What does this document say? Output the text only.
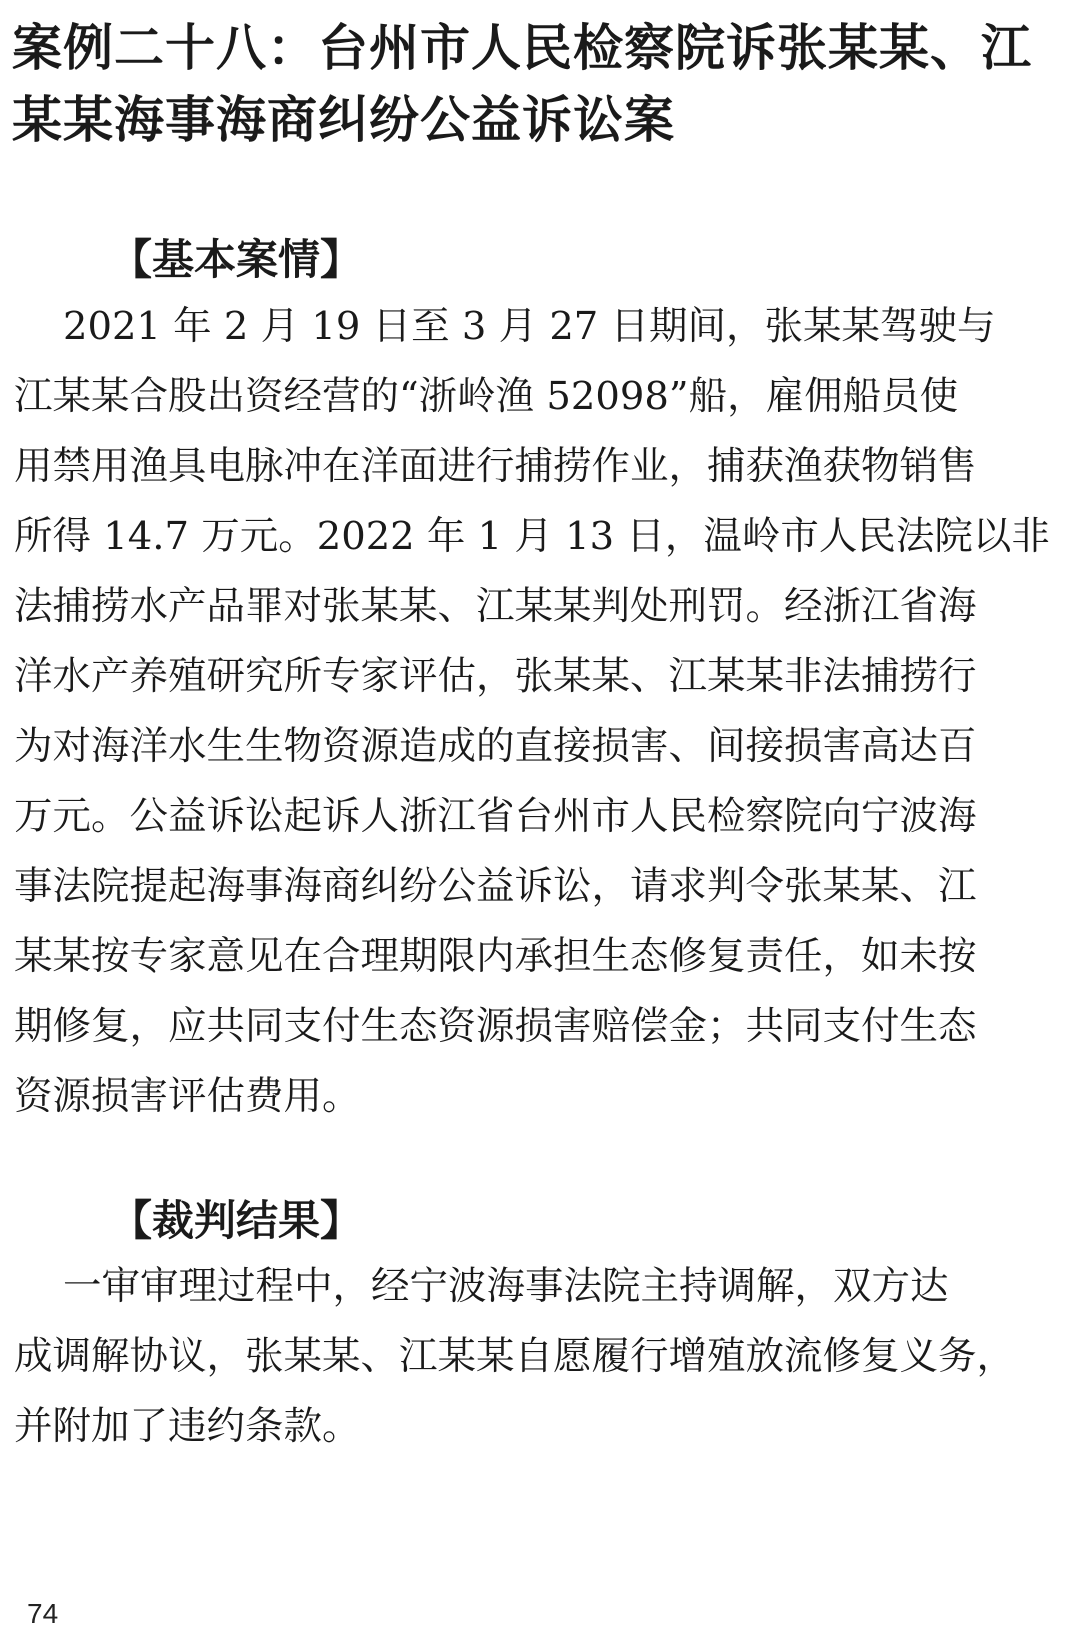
案例二十八：台州市人民检察院诉张某某、江
某某海事海商纠纷公益诉讼案
【基本案情】
2021 年 2 月 19 日至 3 月 27 日期间，张某某驾驶与
江某某合股出资经营的“浙岭渔 52098”船，雇佣船员使
用禁用渔具电脉冲在洋面进行捕捞作业，捕获渔获物销售
所得 14.7 万元。2022 年 1 月 13 日，温岭市人民法院以非
法捕捞水产品罪对张某某、江某某判处刑罚。经浙江省海
洋水产养殖研究所专家评估，张某某、江某某非法捕捞行
为对海洋水生生物资源造成的直接损害、间接损害高达百
万元。公益诉讼起诉人浙江省台州市人民检察院向宁波海
事法院提起海事海商纠纷公益诉讼，请求判令张某某、江
某某按专家意见在合理期限内承担生态修复责任，如未按
期修复，应共同支付生态资源损害赔偿金；共同支付生态
资源损害评估费用。
【裁判结果】
一审审理过程中，经宁波海事法院主持调解，双方达
成调解协议，张某某、江某某自愿履行增殖放流修复义务，
并附加了违约条款。
74
